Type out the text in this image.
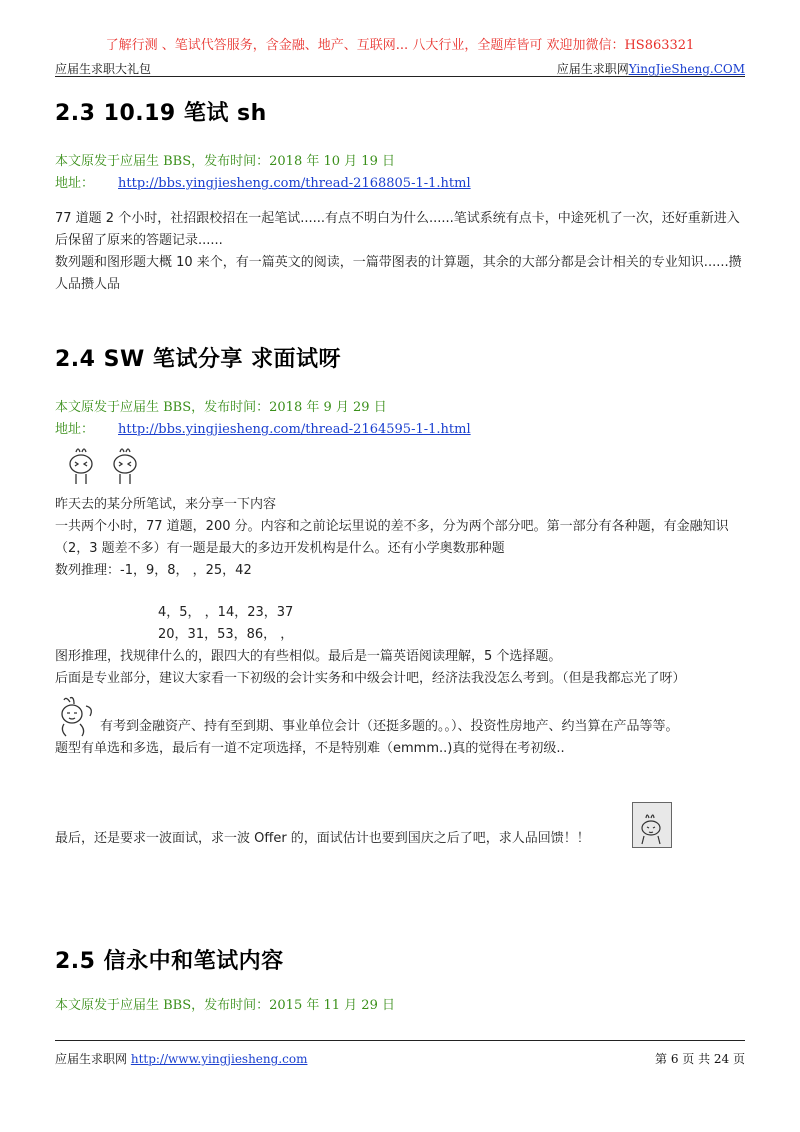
了解行测 、笔试代答服务，含金融、地产、互联网... 八大行业，全题库皆可 欢迎加微信：HS863321
应届生求职大礼包	应届生求职网YingJieSheng.COM
2.3 10.19 笔试 sh
本文原发于应届生 BBS，发布时间：2018 年 10 月 19 日
地址： http://bbs.yingjiesheng.com/thread-2168805-1-1.html
77 道题 2 个小时，社招跟校招在一起笔试......有点不明白为什么......笔试系统有点卡，中途死机了一次，还好重新进入后保留了原来的答题记录......
数列题和图形题大概 10 来个，有一篇英文的阅读，一篇带图表的计算题，其余的大部分都是会计相关的专业知识......攒人品攒人品
2.4 SW 笔试分享 求面试呀
本文原发于应届生 BBS，发布时间：2018 年 9 月 29 日
地址： http://bbs.yingjiesheng.com/thread-2164595-1-1.html
昨天去的某分所笔试，来分享一下内容
一共两个小时，77 道题，200 分。内容和之前论坛里说的差不多，分为两个部分吧。第一部分有各种题，有金融知识（2，3 题差不多）有一题是最大的多边开发机构是什么。还有小学奥数那种题
数列推理：-1，9，8， ，25，42
4，5， ，14，23，37
20，31，53，86， ，
图形推理，找规律什么的，跟四大的有些相似。最后是一篇英语阅读理解，5 个选择题。
后面是专业部分，建议大家看一下初级的会计实务和中级会计吧，经济法我没怎么考到。（但是我都忘光了呀）
有考到金融资产、持有至到期、事业单位会计（还挺多题的。。）、投资性房地产、约当算在产品等等。
题型有单选和多选，最后有一道不定项选择，不是特别难（emmm..)真的觉得在考初级..
最后，还是要求一波面试，求一波 Offer 的，面试估计也要到国庆之后了吧，求人品回馈！！
2.5 信永中和笔试内容
本文原发于应届生 BBS，发布时间：2015 年 11 月 29 日
应届生求职网 http://www.yingjiesheng.com	第 6 页 共 24 页
